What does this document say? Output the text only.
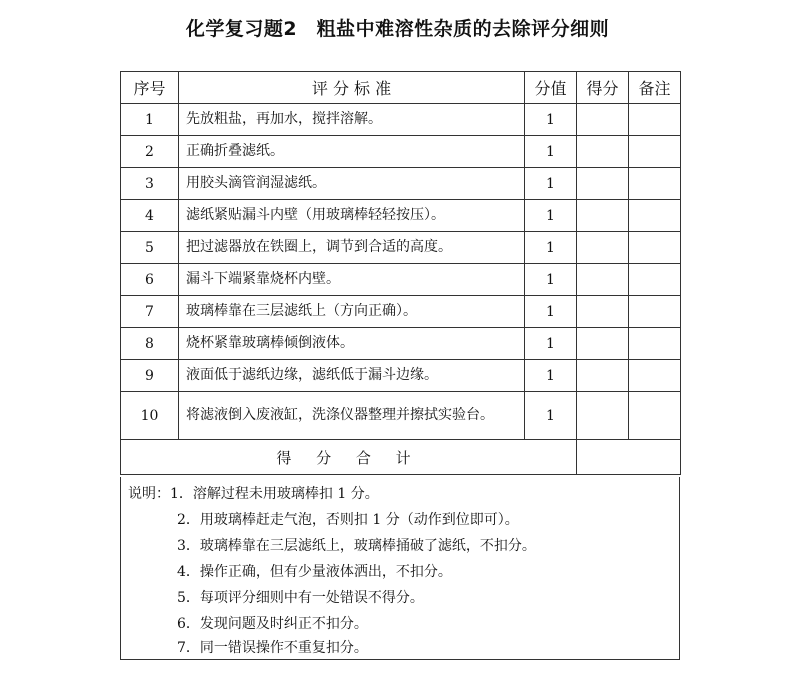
化学复习题2　粗盐中难溶性杂质的去除评分细则
序号	评 分 标 准	分值	得分	备注
1	先放粗盐，再加水，搅拌溶解。	1		
2	正确折叠滤纸。	1		
3	用胶头滴管润湿滤纸。	1		
4	滤纸紧贴漏斗内壁（用玻璃棒轻轻按压）。	1		
5	把过滤器放在铁圈上，调节到合适的高度。	1		
6	漏斗下端紧靠烧杯内壁。	1		
7	玻璃棒靠在三层滤纸上（方向正确）。	1		
8	烧杯紧靠玻璃棒倾倒液体。	1		
9	液面低于滤纸边缘，滤纸低于漏斗边缘。	1		
10	将滤液倒入废液缸，洗涤仪器整理并擦拭实验台。	1		
得 分 合 计				
说明： 1．溶解过程未用玻璃棒扣 1 分。
2．用玻璃棒赶走气泡，否则扣 1 分（动作到位即可）。
3．玻璃棒靠在三层滤纸上，玻璃棒捅破了滤纸，不扣分。
4．操作正确，但有少量液体洒出，不扣分。
5．每项评分细则中有一处错误不得分。
6．发现问题及时纠正不扣分。
7．同一错误操作不重复扣分。
